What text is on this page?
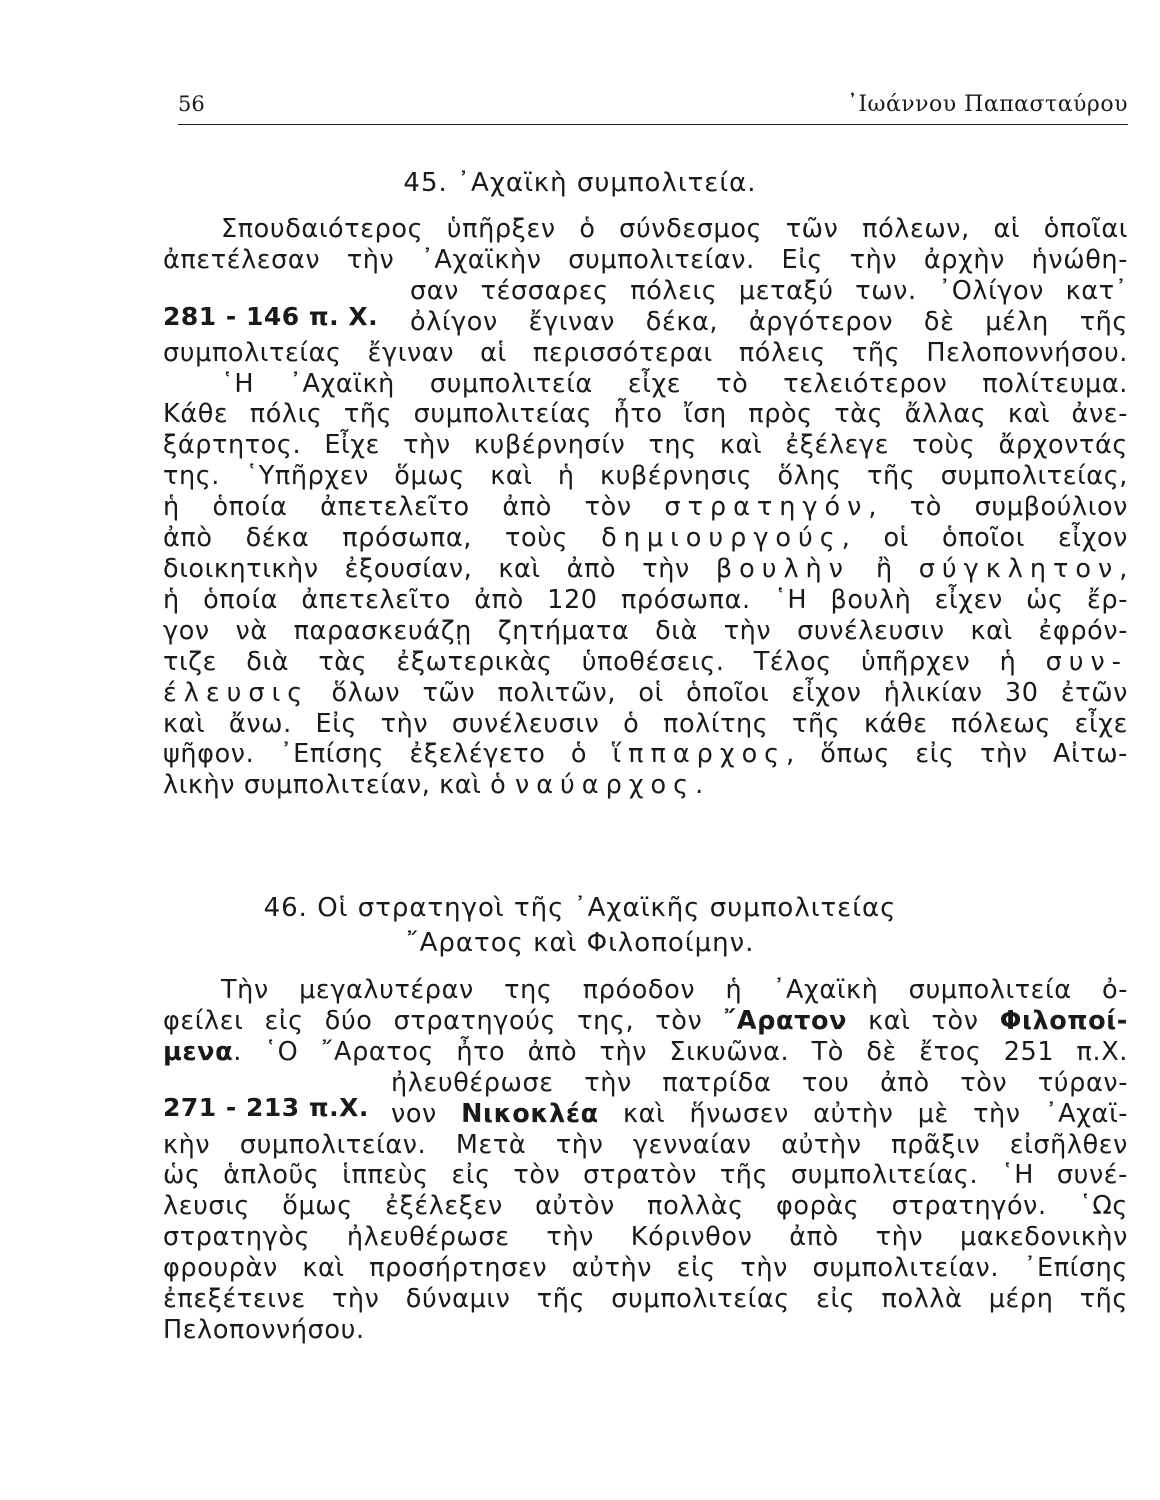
56	᾿Ιωάννου Παπασταύρου
45. ᾿Αχαϊκὴ συμπολιτεία.
281 - 146 π. Χ.
Σπουδαιότερος ὑπῆρξεν ὁ σύνδεσμος τῶν πόλεων, αἱ ὁποῖαι
ἀπετέλεσαν τὴν ᾿Αχαϊκὴν συμπολιτείαν. Εἰς τὴν ἀρχὴν ἡνώθη-
σαν τέσσαρες πόλεις μεταξύ των. ᾿Ολίγον κατ᾿
ὀλίγον ἔγιναν δέκα, ἀργότερον δὲ μέλη τῆς
συμπολιτείας ἔγιναν αἱ περισσότεραι πόλεις τῆς Πελοποννήσου.
῾Η ᾿Αχαϊκὴ συμπολιτεία εἶχε τὸ τελειότερον πολίτευμα.
Κάθε πόλις τῆς συμπολιτείας ἦτο ἴση πρὸς τὰς ἄλλας καὶ ἀνε-
ξάρτητος. Εἶχε τὴν κυβέρνησίν της καὶ ἐξέλεγε τοὺς ἄρχοντάς
της. ῾Υπῆρχεν ὅμως καὶ ἡ κυβέρνησις ὅλης τῆς συμπολιτείας,
ἡ ὁποία ἀπετελεῖτο ἀπὸ τὸν στρατηγόν, τὸ συμβούλιον
ἀπὸ δέκα πρόσωπα, τοὺς δημιουργούς, οἱ ὁποῖοι εἶχον
διοικητικὴν ἐξουσίαν, καὶ ἀπὸ τὴν βουλὴν ἢ σύγκλητον,
ἡ ὁποία ἀπετελεῖτο ἀπὸ 120 πρόσωπα. ῾Η βουλὴ εἶχεν ὡς ἔρ-
γον νὰ παρασκευάζῃ ζητήματα διὰ τὴν συνέλευσιν καὶ ἐφρόν-
τιζε διὰ τὰς ἐξωτερικὰς ὑποθέσεις. Τέλος ὑπῆρχεν ἡ συν-
έλευσις ὅλων τῶν πολιτῶν, οἱ ὁποῖοι εἶχον ἡλικίαν 30 ἐτῶν
καὶ ἄνω. Εἰς τὴν συνέλευσιν ὁ πολίτης τῆς κάθε πόλεως εἶχε
ψῆφον. ᾿Επίσης ἐξελέγετο ὁ ἵππαρχος, ὅπως εἰς τὴν Αἰτω-
λικὴν συμπολιτείαν, καὶ ὁ ναύαρχος.
46. Οἱ στρατηγοὶ τῆς ᾿Αχαϊκῆς συμπολιτείας
῎Αρατος καὶ Φιλοποίμην.
271 - 213 π.Χ.
Τὴν μεγαλυτέραν της πρόοδον ἡ ᾿Αχαϊκὴ συμπολιτεία ὀ-
φείλει εἰς δύο στρατηγούς της, τὸν ῎Αρατον καὶ τὸν Φιλοποί-
μενα. ῾Ο ῎Αρατος ἦτο ἀπὸ τὴν Σικυῶνα. Τὸ δὲ ἔτος 251 π.Χ.
ἠλευθέρωσε τὴν πατρίδα του ἀπὸ τὸν τύραν-
νον Νικοκλέα καὶ ἥνωσεν αὐτὴν μὲ τὴν ᾿Αχαϊ-
κὴν συμπολιτείαν. Μετὰ τὴν γενναίαν αὐτὴν πρᾶξιν εἰσῆλθεν
ὡς ἁπλοῦς ἱππεὺς εἰς τὸν στρατὸν τῆς συμπολιτείας. ῾Η συνέ-
λευσις ὅμως ἐξέλεξεν αὐτὸν πολλὰς φορὰς στρατηγόν. ῾Ως
στρατηγὸς ἠλευθέρωσε τὴν Κόρινθον ἀπὸ τὴν μακεδονικὴν
φρουρὰν καὶ προσήρτησεν αὐτὴν εἰς τὴν συμπολιτείαν. ᾿Επίσης
ἐπεξέτεινε τὴν δύναμιν τῆς συμπολιτείας εἰς πολλὰ μέρη τῆς
Πελοποννήσου.
